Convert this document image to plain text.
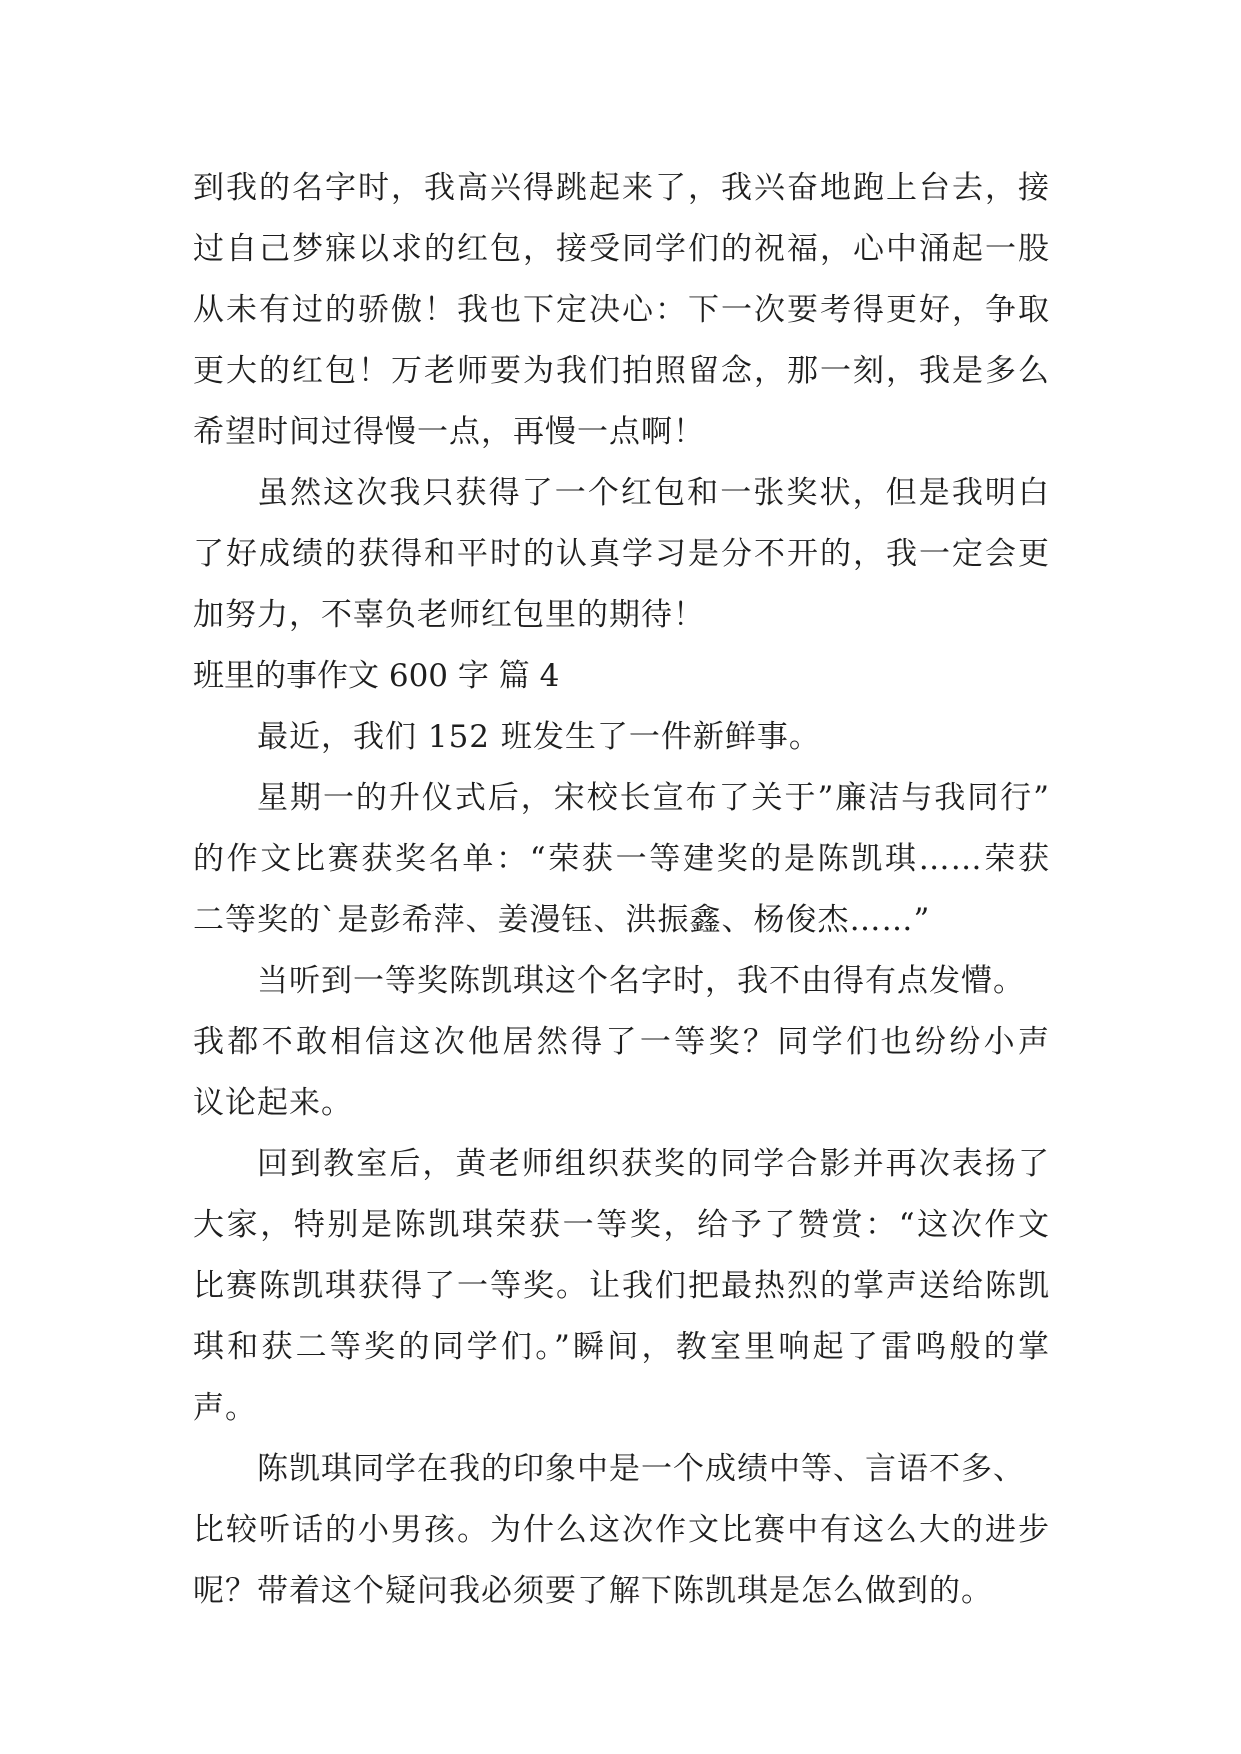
到我的名字时，我高兴得跳起来了，我兴奋地跑上台去，接
过自己梦寐以求的红包，接受同学们的祝福，心中涌起一股
从未有过的骄傲！我也下定决心：下一次要考得更好，争取
更大的红包！万老师要为我们拍照留念，那一刻，我是多么
希望时间过得慢一点，再慢一点啊！
虽然这次我只获得了一个红包和一张奖状，但是我明白
了好成绩的获得和平时的认真学习是分不开的，我一定会更
加努力，不辜负老师红包里的期待！
班里的事作文 600 字 篇 4
最近，我们 152 班发生了一件新鲜事。
星期一的升仪式后，宋校长宣布了关于”廉洁与我同行”
的作文比赛获奖名单：“荣获一等建奖的是陈凯琪……荣获
二等奖的`是彭希萍、姜漫钰、洪振鑫、杨俊杰……”
当听到一等奖陈凯琪这个名字时，我不由得有点发懵。
我都不敢相信这次他居然得了一等奖？同学们也纷纷小声
议论起来。
回到教室后，黄老师组织获奖的同学合影并再次表扬了
大家，特别是陈凯琪荣获一等奖，给予了赞赏：“这次作文
比赛陈凯琪获得了一等奖。让我们把最热烈的掌声送给陈凯
琪和获二等奖的同学们。”瞬间，教室里响起了雷鸣般的掌
声。
陈凯琪同学在我的印象中是一个成绩中等、言语不多、
比较听话的小男孩。为什么这次作文比赛中有这么大的进步
呢？带着这个疑问我必须要了解下陈凯琪是怎么做到的。
